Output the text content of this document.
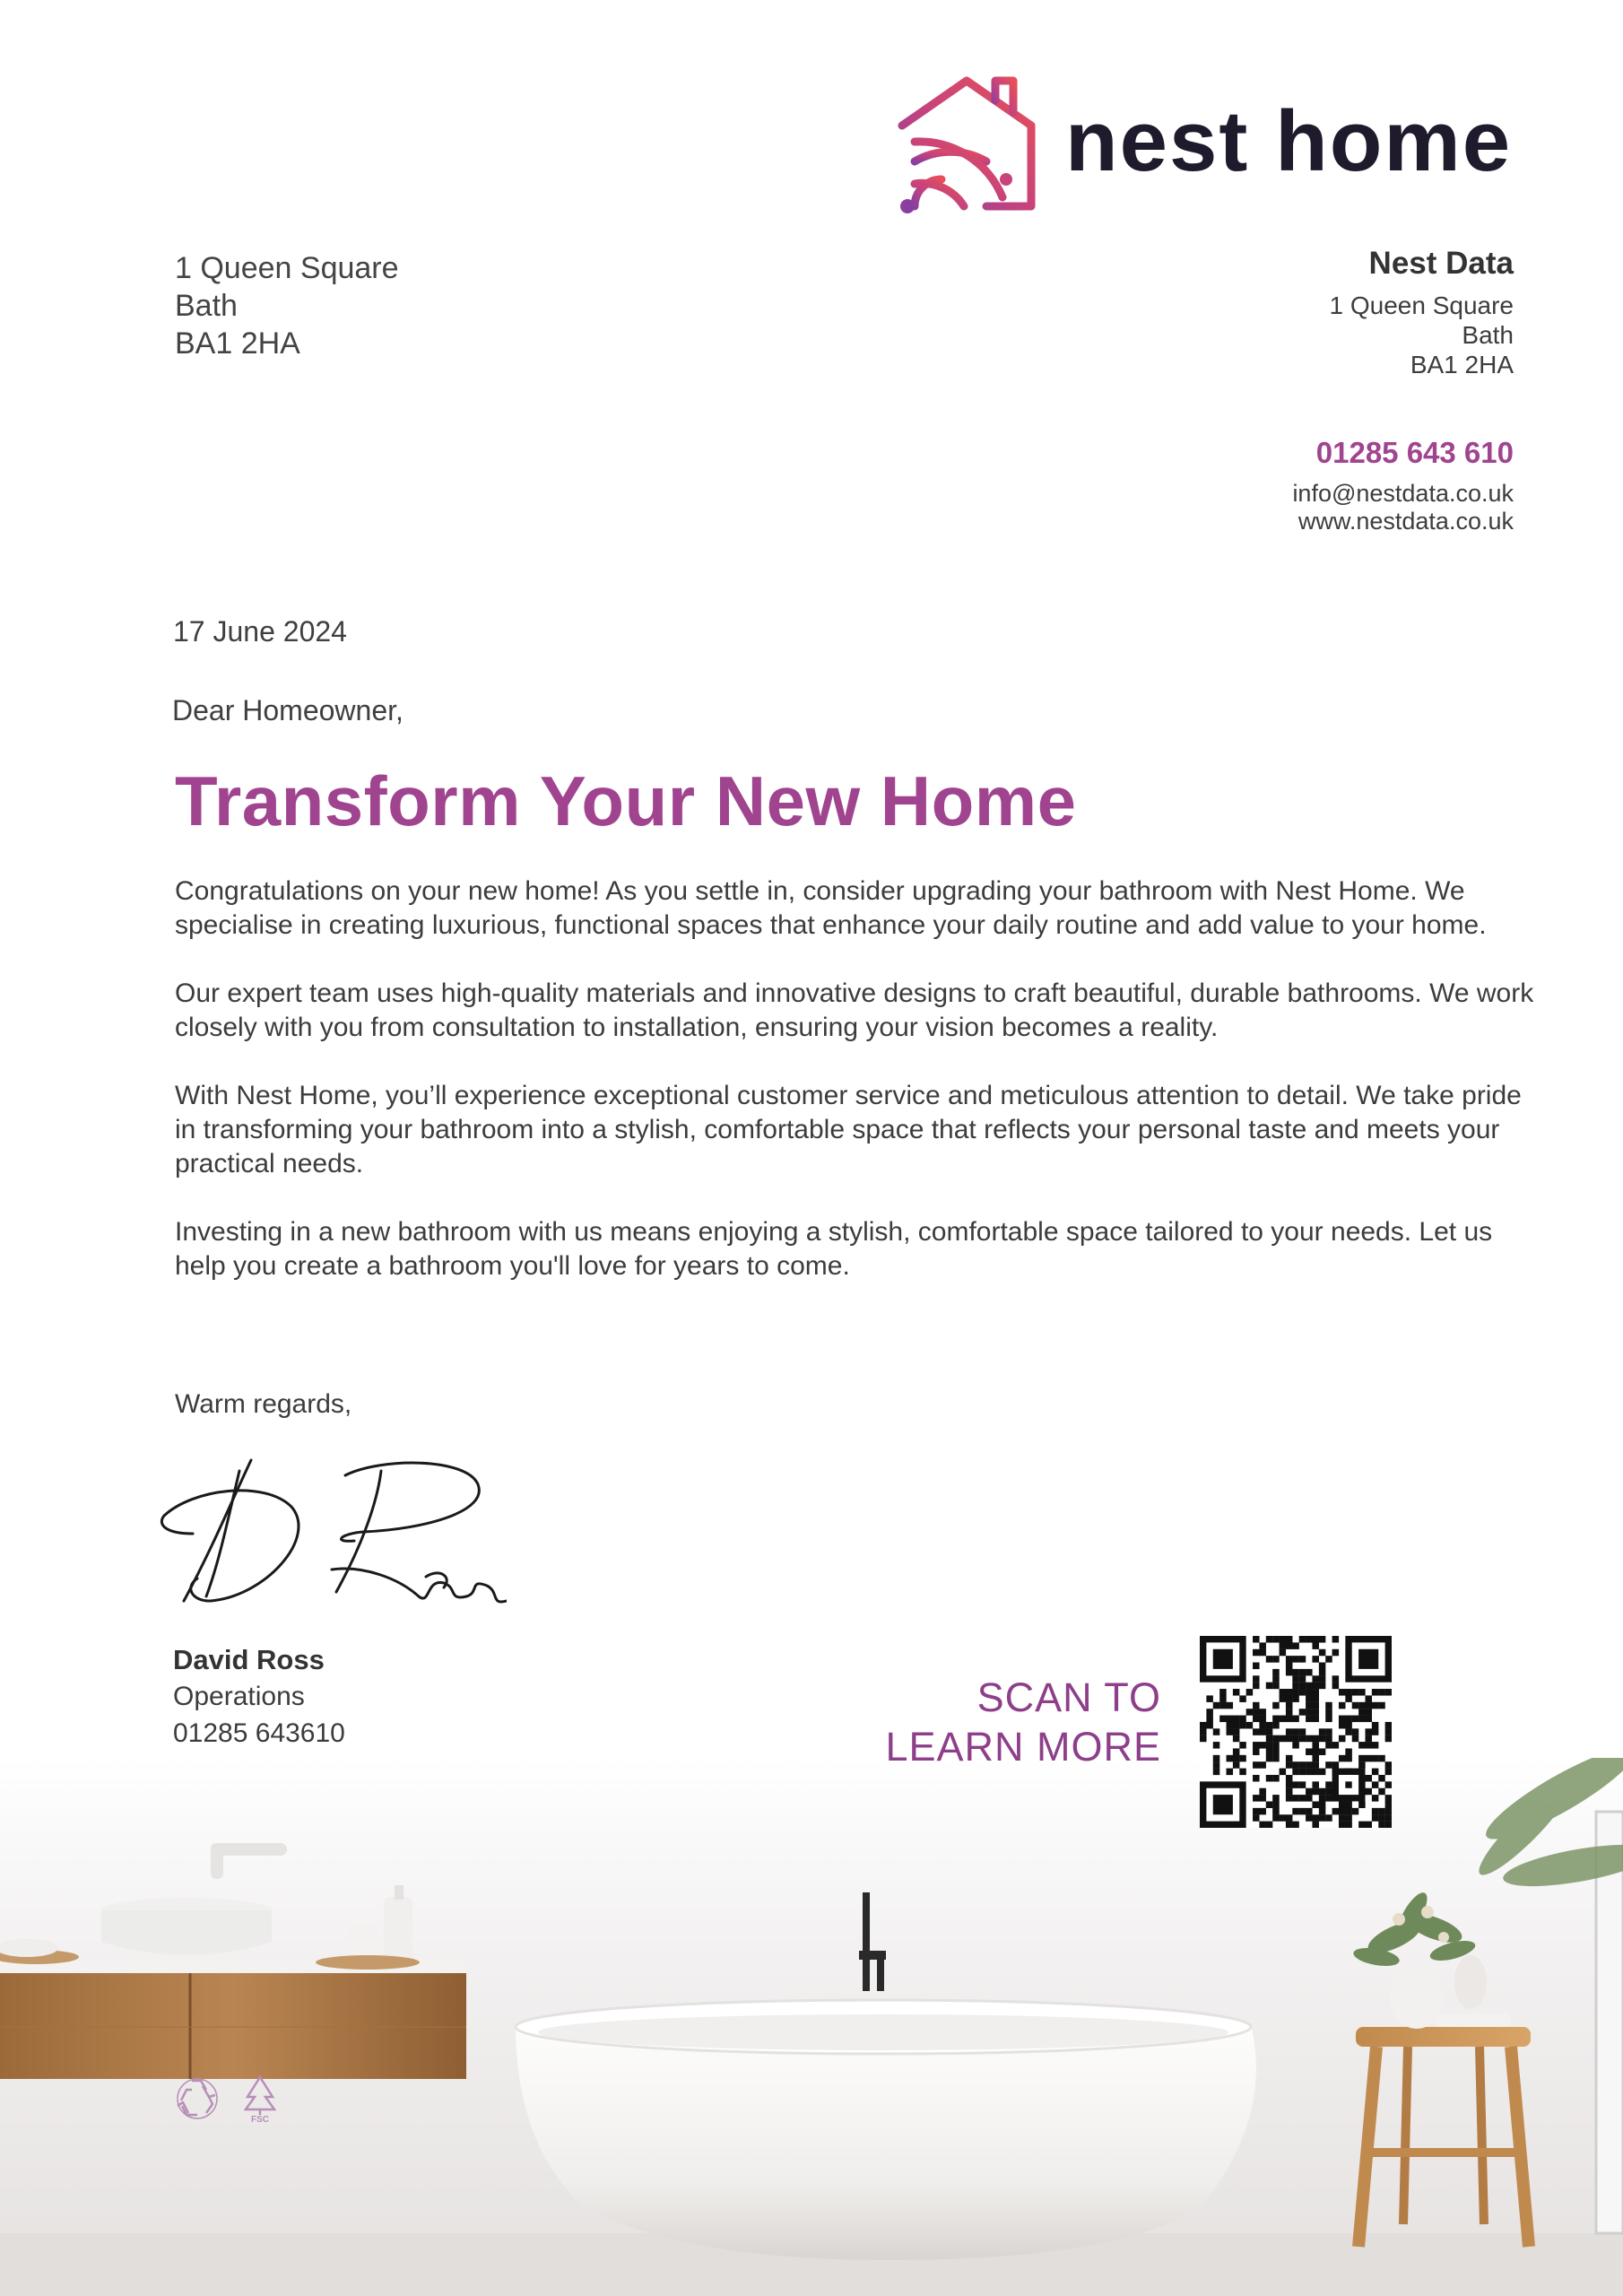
nest home
1 Queen Square
Bath
BA1 2HA
Nest Data
1 Queen Square
Bath
BA1 2HA
01285 643 610
info@nestdata.co.uk
www.nestdata.co.uk
17 June 2024
Dear Homeowner,
Transform Your New Home

Congratulations on your new home! As you settle in, consider upgrading your bathroom with Nest Home. We specialise in creating luxurious, functional spaces that enhance your daily routine and add value to your home.

Our expert team uses high-quality materials and innovative designs to craft beautiful, durable bathrooms. We work closely with you from consultation to installation, ensuring your vision becomes a reality.

With Nest Home, you’ll experience exceptional customer service and meticulous attention to detail. We take pride in transforming your bathroom into a stylish, comfortable space that reflects your personal taste and meets your practical needs.

Investing in a new bathroom with us means enjoying a stylish, comfortable space tailored to your needs. Let us help you create a bathroom you'll love for years to come.

Warm regards,
David Ross
Operations
01285 643610
SCAN TO
LEARN MORE
FSC
